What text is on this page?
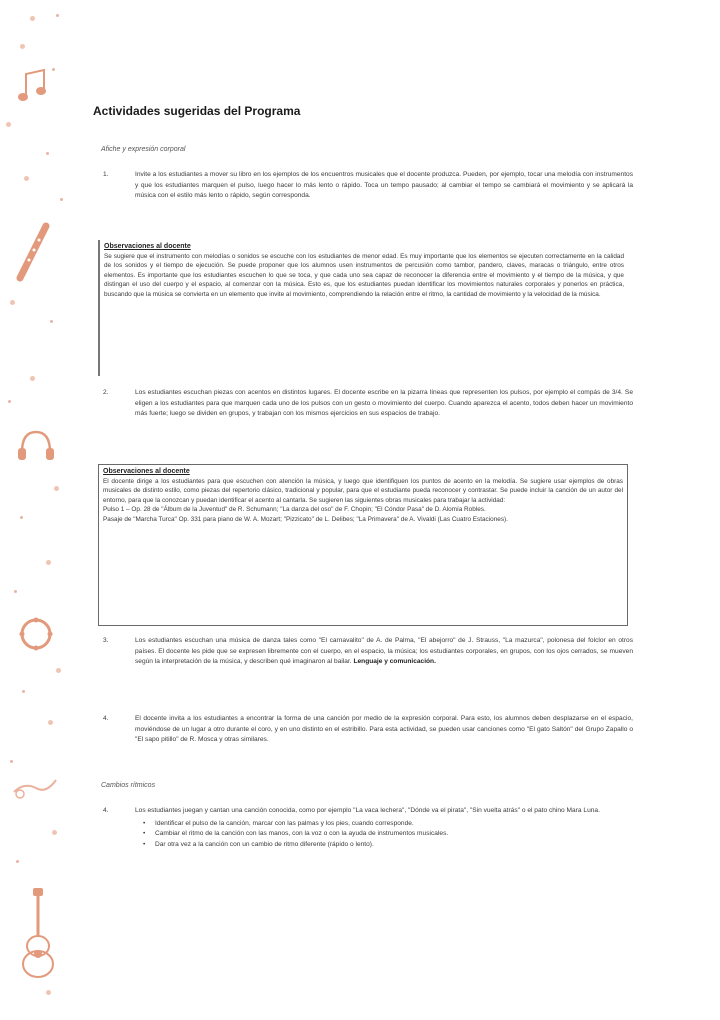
Actividades sugeridas del Programa
Afiche y expresión corporal
1.	Invite a los estudiantes a mover su libro en los ejemplos de los encuentros musicales que el docente produzca. Pueden, por ejemplo, tocar una melodía con instrumentos y que los estudiantes marquen el pulso, luego hacer lo más lento o rápido. Toca un tempo pausado; al cambiar el tempo se cambiará el movimiento y se aplicará la música con el estilo más lento o rápido, según corresponda.
Observaciones al docente
Se sugiere que el instrumento con melodías o sonidos se escuche con los estudiantes de menor edad. Es muy importante que los elementos se ejecuten correctamente en la calidad de los sonidos y el tiempo de ejecución. Se puede proponer que los alumnos usen instrumentos de percusión como tambor, pandero, claves, maracas o triángulo, entre otros elementos. Es importante que los estudiantes escuchen lo que se toca, y que cada uno sea capaz de reconocer la diferencia entre el movimiento y el tiempo de la música, y que distingan el uso del cuerpo y el espacio, al comenzar con la música. Esto es, que los estudiantes puedan identificar los movimientos naturales corporales y ponerlos en práctica, buscando que la música se convierta en un elemento que invite al movimiento, comprendiendo la relación entre el ritmo, la cantidad de movimiento y la velocidad de la música.
2.	Los estudiantes escuchan piezas con acentos en distintos lugares. El docente escribe en la pizarra líneas que representen los pulsos, por ejemplo el compás de 3/4. Se eligen a los estudiantes para que marquen cada uno de los pulsos con un gesto o movimiento del cuerpo. Cuando aparezca el acento, todos deben hacer un movimiento más fuerte; luego se dividen en grupos, y trabajan con los mismos ejercicios en sus espacios de trabajo.
Observaciones al docente
El docente dirige a los estudiantes para que escuchen con atención la música, y luego que identifiquen los puntos de acento en la melodía. Se sugiere usar ejemplos de obras musicales de distinto estilo, como piezas del repertorio clásico, tradicional y popular, para que el estudiante pueda reconocer y contrastar. Se puede incluir la canción de un autor del entorno, para que la conozcan y puedan identificar el acento al cantarla. Se sugieren las siguientes obras musicales para trabajar la actividad:
Pulso 1 – Op. 28 de "Álbum de la Juventud" de R. Schumann; "La danza del oso" de F. Chopin; "El Cóndor Pasa" de D. Alomía Robles.
Pasaje de "Marcha Turca" Op. 331 para piano de W. A. Mozart; "Pizzicato" de L. Delibes; "La Primavera" de A. Vivaldi (Las Cuatro Estaciones).
3.	Los estudiantes escuchan una música de danza tales como "El carnavalito" de A. de Palma, "El abejorro" de J. Strauss, "La mazurca", polonesa del folclor en otros países. El docente les pide que se expresen libremente con el cuerpo, en el espacio, la música; los estudiantes corporales, en grupos, con los ojos cerrados, se mueven según la interpretación de la música, y describen qué imaginaron al bailar. Lenguaje y comunicación.
4.	El docente invita a los estudiantes a encontrar la forma de una canción por medio de la expresión corporal. Para esto, los alumnos deben desplazarse en el espacio, moviéndose de un lugar a otro durante el coro, y en uno distinto en el estribillo. Para esta actividad, se pueden usar canciones como "El gato Saltón" del Grupo Zapallo o "El sapo pitillo" de R. Mosca y otras similares.
Cambios rítmicos
4.	Los estudiantes juegan y cantan una canción conocida, como por ejemplo "La vaca lechera", "Dónde va el pirata", "Sin vuelta atrás" o el pato chino Mara Luna.
• Identificar el pulso de la canción, marcar con las palmas y los pies, cuando corresponde.
• Cambiar el ritmo de la canción con las manos, con la voz o con la ayuda de instrumentos musicales.
• Dar otra vez a la canción con un cambio de ritmo diferente (rápido o lento).
